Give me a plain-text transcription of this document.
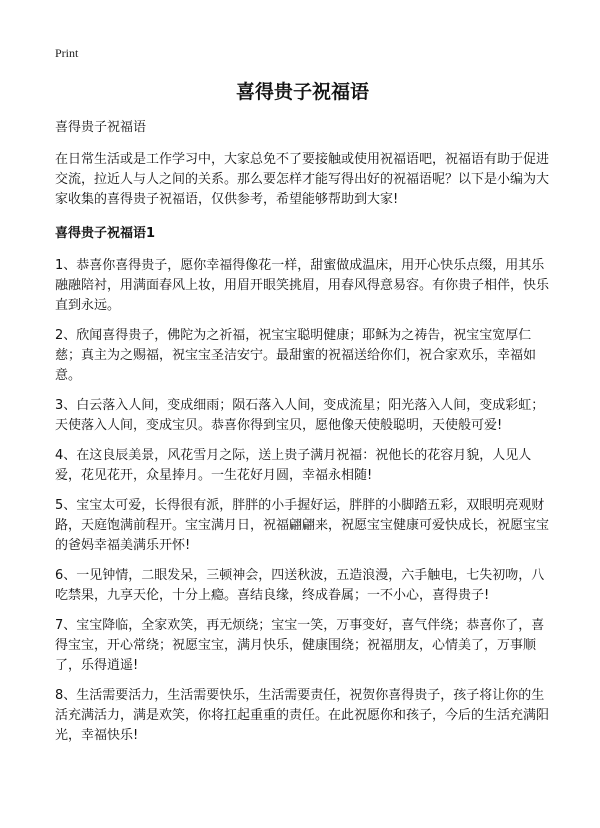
Print
喜得贵子祝福语

喜得贵子祝福语

在日常生活或是工作学习中，大家总免不了要接触或使用祝福语吧，祝福语有助于促进交流，拉近人与人之间的关系。那么要怎样才能写得出好的祝福语呢？以下是小编为大家收集的喜得贵子祝福语，仅供参考，希望能够帮助到大家!

喜得贵子祝福语1

1、恭喜你喜得贵子，愿你幸福得像花一样，甜蜜做成温床，用开心快乐点缀，用其乐融融陪衬，用满面春风上妆，用眉开眼笑挑眉，用春风得意易容。有你贵子相伴，快乐直到永远。

2、欣闻喜得贵子，佛陀为之祈福，祝宝宝聪明健康；耶稣为之祷告，祝宝宝宽厚仁慈；真主为之赐福，祝宝宝圣洁安宁。最甜蜜的祝福送给你们，祝合家欢乐，幸福如意。

3、白云落入人间，变成细雨；陨石落入人间，变成流星；阳光落入人间，变成彩虹；天使落入人间，变成宝贝。恭喜你得到宝贝，愿他像天使般聪明，天使般可爱!

4、在这良辰美景，风花雪月之际，送上贵子满月祝福：祝他长的花容月貌，人见人爱，花见花开，众星捧月。一生花好月圆，幸福永相随!

5、宝宝太可爱，长得很有派，胖胖的小手握好运，胖胖的小脚踏五彩，双眼明亮观财路，天庭饱满前程开。宝宝满月日，祝福翩翩来，祝愿宝宝健康可爱快成长，祝愿宝宝的爸妈幸福美满乐开怀!

6、一见钟情，二眼发呆，三顿神会，四送秋波，五造浪漫，六手触电，七失初吻，八吃禁果，九享天伦，十分上瘾。喜结良缘，终成眷属；一不小心，喜得贵子!

7、宝宝降临，全家欢笑，再无烦绕；宝宝一笑，万事变好，喜气伴绕；恭喜你了，喜得宝宝，开心常绕；祝愿宝宝，满月快乐，健康围绕；祝福朋友，心情美了，万事顺了，乐得逍遥!

8、生活需要活力，生活需要快乐，生活需要责任，祝贺你喜得贵子，孩子将让你的生活充满活力，满是欢笑，你将扛起重重的责任。在此祝愿你和孩子，今后的生活充满阳光，幸福快乐!
